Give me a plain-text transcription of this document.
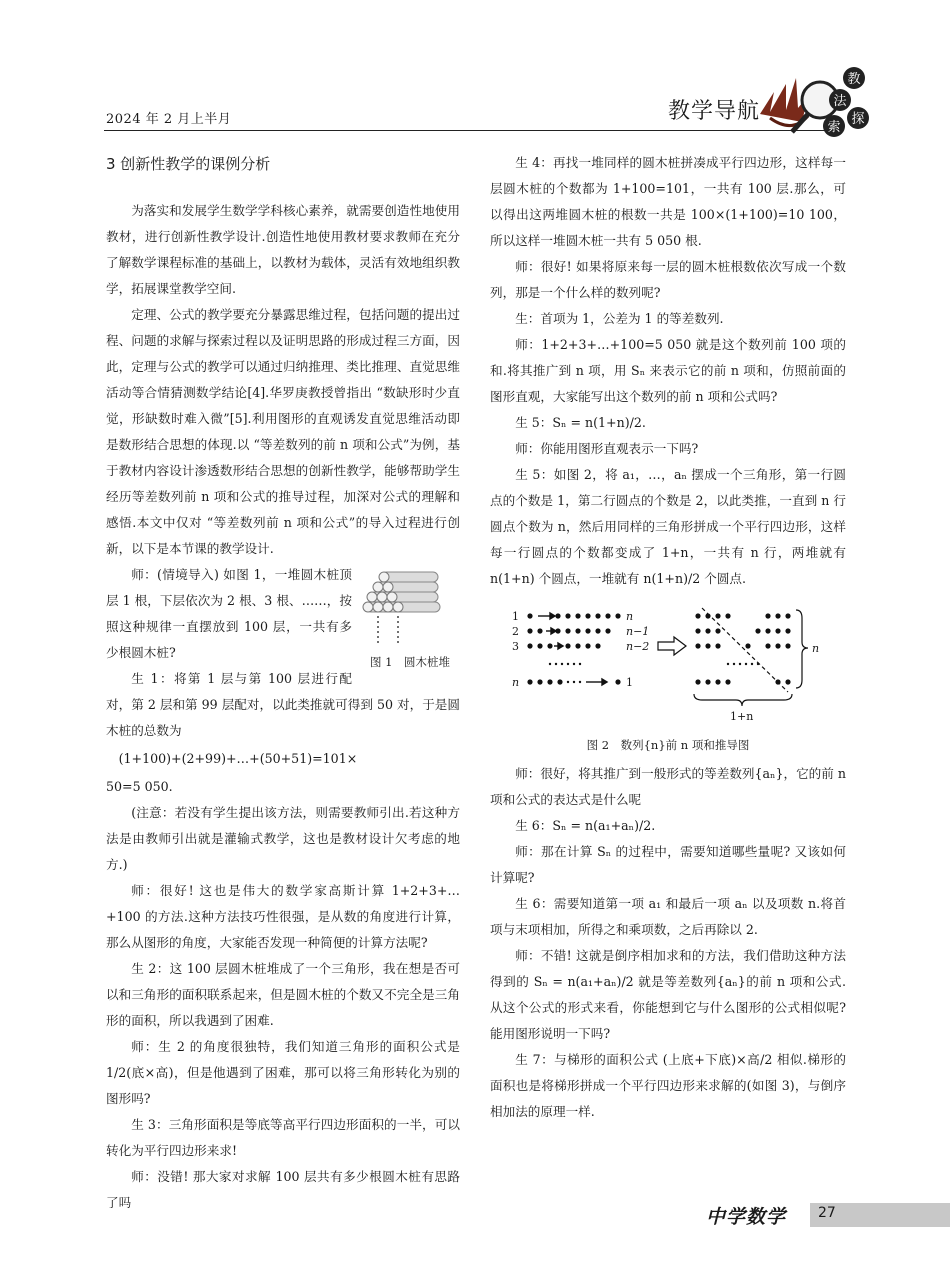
2024 年 2 月上半月	教学导航
教
法
探
索

3 创新性教学的课例分析

为落实和发展学生数学学科核心素养，就需要创造性地使用教材，进行创新性教学设计.创造性地使用教材要求教师在充分了解数学课程标准的基础上，以教材为载体，灵活有效地组织教学，拓展课堂教学空间.

定理、公式的教学要充分暴露思维过程，包括问题的提出过程、问题的求解与探索过程以及证明思路的形成过程三方面，因此，定理与公式的教学可以通过归纳推理、类比推理、直觉思维活动等合情猜测数学结论[4].华罗庚教授曾指出 “数缺形时少直觉，形缺数时难入微”[5].利用图形的直观诱发直觉思维活动即是数形结合思想的体现.以 “等差数列的前 n 项和公式”为例，基于教材内容设计渗透数形结合思想的创新性教学，能够帮助学生经历等差数列前 n 项和公式的推导过程，加深对公式的理解和感悟.本文中仅对 “等差数列前 n 项和公式”的导入过程进行创新，以下是本节课的教学设计.

图 1　圆木桩堆

师：(情境导入) 如图 1，一堆圆木桩顶层 1 根，下层依次为 2 根、3 根、……，按照这种规律一直摆放到 100 层，一共有多少根圆木桩?

生 1：将第 1 层与第 100 层进行配对，第 2 层和第 99 层配对，以此类推就可得到 50 对，于是圆木桩的总数为

(1+100)+(2+99)+…+(50+51)=101×

50=5 050.

(注意：若没有学生提出该方法，则需要教师引出.若这种方法是由教师引出就是灌输式教学，这也是教材设计欠考虑的地方.)

师：很好! 这也是伟大的数学家高斯计算 1+2+3+…+100 的方法.这种方法技巧性很强，是从数的角度进行计算，那么从图形的角度，大家能否发现一种简便的计算方法呢?

生 2：这 100 层圆木桩堆成了一个三角形，我在想是否可以和三角形的面积联系起来，但是圆木桩的个数又不完全是三角形的面积，所以我遇到了困难.

师：生 2 的角度很独特，我们知道三角形的面积公式是 1/2(底×高)，但是他遇到了困难，那可以将三角形转化为别的图形吗?

生 3：三角形面积是等底等高平行四边形面积的一半，可以转化为平行四边形来求!

师：没错! 那大家对求解 100 层共有多少根圆木桩有思路了吗

生 4：再找一堆同样的圆木桩拼凑成平行四边形，这样每一层圆木桩的个数都为 1+100=101，一共有 100 层.那么，可以得出这两堆圆木桩的根数一共是 100×(1+100)=10 100，所以这样一堆圆木桩一共有 5 050 根.

师：很好! 如果将原来每一层的圆木桩根数依次写成一个数列，那是一个什么样的数列呢?

生：首项为 1，公差为 1 的等差数列.

师：1+2+3+…+100=5 050 就是这个数列前 100 项的和.将其推广到 n 项，用 Sₙ 来表示它的前 n 项和，仿照前面的图形直观，大家能写出这个数列的前 n 项和公式吗?

生 5：Sₙ = n(1+n)/2.

师：你能用图形直观表示一下吗?

生 5：如图 2，将 a₁，…，aₙ 摆成一个三角形，第一行圆点的个数是 1，第二行圆点的个数是 2，以此类推，一直到 n 行圆点个数为 n，然后用同样的三角形拼成一个平行四边形，这样每一行圆点的个数都变成了 1+n，一共有 n 行，两堆就有 n(1+n) 个圆点，一堆就有 n(1+n)/2 个圆点.

1
2
3
n
n
n−1
n−2
1
n
1+n

图 2　数列{n}前 n 项和推导图

师：很好，将其推广到一般形式的等差数列{aₙ}，它的前 n 项和公式的表达式是什么呢

生 6：Sₙ = n(a₁+aₙ)/2.

师：那在计算 Sₙ 的过程中，需要知道哪些量呢? 又该如何计算呢?

生 6：需要知道第一项 a₁ 和最后一项 aₙ 以及项数 n.将首项与末项相加，所得之和乘项数，之后再除以 2.

师：不错! 这就是倒序相加求和的方法，我们借助这种方法得到的 Sₙ = n(a₁+aₙ)/2 就是等差数列{aₙ}的前 n 项和公式.从这个公式的形式来看，你能想到它与什么图形的公式相似呢? 能用图形说明一下吗?

生 7：与梯形的面积公式 (上底+下底)×高/2 相似.梯形的面积也是将梯形拼成一个平行四边形来求解的(如图 3)，与倒序相加法的原理一样.

中学数学 27
